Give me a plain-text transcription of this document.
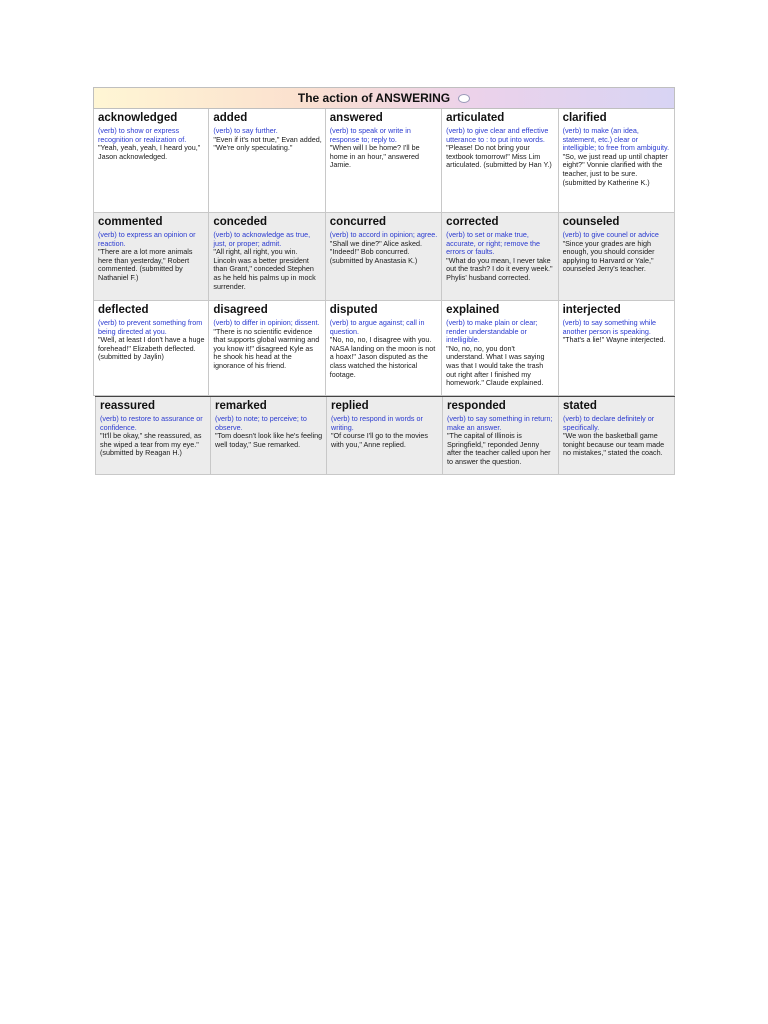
The action of ANSWERING
acknowledged
(verb) to show or express recognition or realization of.
"Yeah, yeah, yeah, I heard you," Jason acknowledged.
added
(verb) to say further.
"Even if it's not true," Evan added, "We're only speculating."
answered
(verb) to speak or write in response to; reply to.
"When will I be home? I'll be home in an hour," answered Jamie.
articulated
(verb) to give clear and effective utterance to : to put into words.
"Please! Do not bring your textbook tomorrow!" Miss Lim articulated. (submitted by Han Y.)
clarified
(verb) to make (an idea, statement, etc.) clear or intelligible; to free from ambiguity.
"So, we just read up until chapter eight?" Vonnie clarified with the teacher, just to be sure. (submitted by Katherine K.)
commented
(verb) to express an opinion or reaction.
"There are a lot more animals here than yesterday," Robert commented. (submitted by Nathaniel F.)
conceded
(verb) to acknowledge as true, just, or proper; admit.
"All right, all right, you win. Lincoln was a better president than Grant," conceded Stephen as he held his palms up in mock surrender.
concurred
(verb) to accord in opinion; agree.
"Shall we dine?" Alice asked. "Indeed!" Bob concurred. (submitted by Anastasia K.)
corrected
(verb) to set or make true, accurate, or right; remove the errors or faults.
"What do you mean, I never take out the trash? I do it every week." Phylis' husband corrected.
counseled
(verb) to give counel or advice
"Since your grades are high enough, you should consider applying to Harvard or Yale," counseled Jerry's teacher.
deflected
(verb) to prevent something from being directed at you.
"Well, at least I don't have a huge forehead!" Elizabeth deflected. (submitted by Jaylin)
disagreed
(verb) to differ in opinion; dissent.
"There is no scientific evidence that supports global warming and you know it!" disagreed Kyle as he shook his head at the ignorance of his friend.
disputed
(verb) to argue against; call in question.
"No, no, no, I disagree with you. NASA landing on the moon is not a hoax!" Jason disputed as the class watched the historical footage.
explained
(verb) to make plain or clear; render understandable or intelligible.
"No, no, no, you don't understand. What I was saying was that I would take the trash out right after I finished my homework." Claude explained.
interjected
(verb) to say something while another person is speaking.
"That's a lie!" Wayne interjected.
reassured
(verb) to restore to assurance or confidence.
"It'll be okay," she reassured, as she wiped a tear from my eye." (submitted by Reagan H.)
remarked
(verb) to note; to perceive; to observe.
"Tom doesn't look like he's feeling well today," Sue remarked.
replied
(verb) to respond in words or writing.
"Of course I'll go to the movies with you," Anne replied.
responded
(verb) to say something in return; make an answer.
"The capital of Illinois is Springfield," reponded Jenny after the teacher called upon her to answer the question.
stated
(verb) to declare definitely or specifically.
"We won the basketball game tonight because our team made no mistakes," stated the coach.
